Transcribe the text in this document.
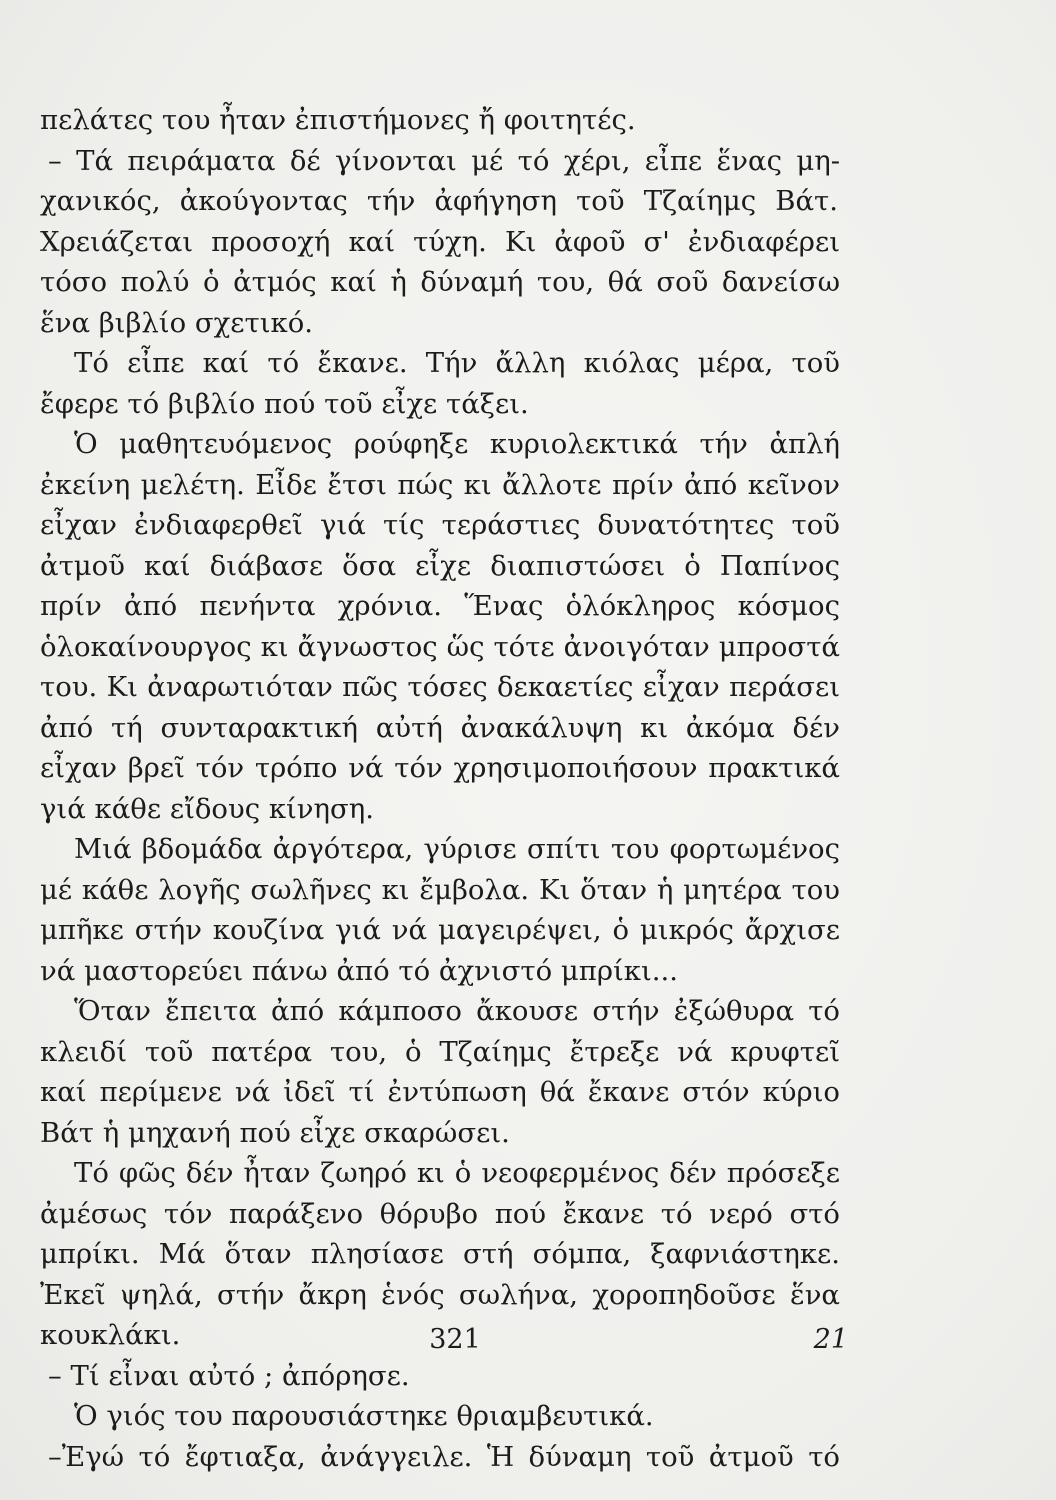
πελάτες του ἦταν ἐπιστήμονες ἤ φοιτητές.
– Τά πειράματα δέ γίνονται μέ τό χέρι, εἶπε ἕνας μη-
χανικός, ἀκούγοντας τήν ἀφήγηση τοῦ Τζαίημς Βάτ.
Χρειάζεται προσοχή καί τύχη. Κι ἀφοῦ σ' ἐνδιαφέρει
τόσο πολύ ὁ ἀτμός καί ἡ δύναμή του, θά σοῦ δανείσω
ἕνα βιβλίο σχετικό.
Τό εἶπε καί τό ἔκανε. Τήν ἄλλη κιόλας μέρα, τοῦ
ἔφερε τό βιβλίο πού τοῦ εἶχε τάξει.
Ὁ μαθητευόμενος ρούφηξε κυριολεκτικά τήν ἁπλή
ἐκείνη μελέτη. Εἶδε ἔτσι πώς κι ἄλλοτε πρίν ἀπό κεῖνον
εἶχαν ἐνδιαφερθεῖ γιά τίς τεράστιες δυνατότητες τοῦ
ἀτμοῦ καί διάβασε ὅσα εἶχε διαπιστώσει ὁ Παπίνος
πρίν ἀπό πενήντα χρόνια. Ἕνας ὁλόκληρος κόσμος
ὁλοκαίνουργος κι ἄγνωστος ὥς τότε ἀνοιγόταν μπροστά
του. Κι ἀναρωτιόταν πῶς τόσες δεκαετίες εἶχαν περάσει
ἀπό τή συνταρακτική αὐτή ἀνακάλυψη κι ἀκόμα δέν
εἶχαν βρεῖ τόν τρόπο νά τόν χρησιμοποιήσουν πρακτικά
γιά κάθε εἴδους κίνηση.
Μιά βδομάδα ἀργότερα, γύρισε σπίτι του φορτωμένος
μέ κάθε λογῆς σωλῆνες κι ἔμβολα. Κι ὅταν ἡ μητέρα του
μπῆκε στήν κουζίνα γιά νά μαγειρέψει, ὁ μικρός ἄρχισε
νά μαστορεύει πάνω ἀπό τό ἀχνιστό μπρίκι...
Ὅταν ἔπειτα ἀπό κάμποσο ἄκουσε στήν ἐξώθυρα τό
κλειδί τοῦ πατέρα του, ὁ Τζαίημς ἔτρεξε νά κρυφτεῖ
καί περίμενε νά ἰδεῖ τί ἐντύπωση θά ἔκανε στόν κύριο
Βάτ ἡ μηχανή πού εἶχε σκαρώσει.
Τό φῶς δέν ἦταν ζωηρό κι ὁ νεοφερμένος δέν πρόσεξε
ἀμέσως τόν παράξενο θόρυβο πού ἔκανε τό νερό στό
μπρίκι. Μά ὅταν πλησίασε στή σόμπα, ξαφνιάστηκε.
Ἐκεῖ ψηλά, στήν ἄκρη ἑνός σωλήνα, χοροπηδοῦσε ἕνα
κουκλάκι.
– Τί εἶναι αὐτό ; ἀπόρησε.
Ὁ γιός του παρουσιάστηκε θριαμβευτικά.
–Ἐγώ τό ἔφτιαξα, ἀνάγγειλε. Ἡ δύναμη τοῦ ἀτμοῦ τό
321	21
